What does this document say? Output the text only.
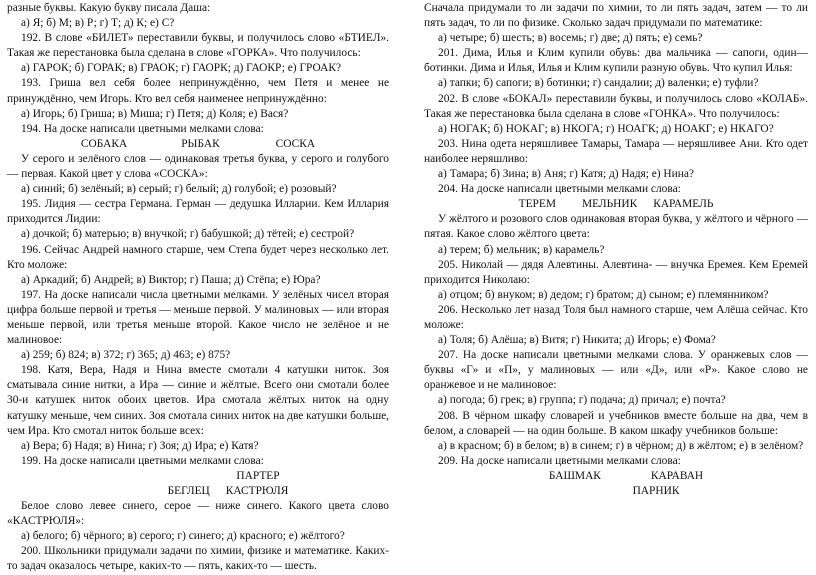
разные буквы. Какую букву писала Даша:

а) Я; б) М; в) Р; г) Т; д) К; е) С?

192. В слове «БИЛЕТ» переставили буквы, и получилось слово «БТИЕЛ». Такая же перестановка была сделана в слове «ГОРКА». Что получилось:

а) ГАРОК; б) ГОРАК; в) ГРАОК; г) ГАОРК; д) ГАОКР; е) ГРОАК?

193. Гриша вел себя более непринуждённо, чем Петя и менее не принуждённо, чем Игорь. Кто вел себя наименее непринуждённо:

а) Игорь; б) Гриша; в) Миша; г) Петя; д) Коля; е) Вася?

194. На доске написали цветными мелками слова:

СОБАКА	РЫБАК	СОСКА

У серого и зелёного слов — одинаковая третья буква, у серого и голубого — первая. Какой цвет у слова «СОСКА»:

а) синий; б) зелёный; в) серый; г) белый; д) голубой; е) розовый?

195. Лидия — сестра Германа. Герман — дедушка Илларии. Кем Иллария приходится Лидии:

а) дочкой; б) матерью; в) внучкой; г) бабушкой; д) тётей; е) сестрой?

196. Сейчас Андрей намного старше, чем Степа будет через несколько лет. Кто моложе:

а) Аркадий; б) Андрей; в) Виктор; г) Паша; д) Стёпа; е) Юра?

197. На доске написали числа цветными мелками. У зелёных чисел вторая цифра больше первой и третья — меньше первой. У малиновых — или вторая меньше первой, или третья меньше второй. Какое число не зелёное и не малиновое:

а) 259; б) 824; в) 372; г) 365; д) 463; е) 875?

198. Катя, Вера, Надя и Нина вместе смотали 4 катушки ниток. Зоя сматывала синие нитки, а Ира — синие и жёлтые. Всего они смотали более 30-и катушек ниток обоих цветов. Ира смотала жёлтых ниток на одну катушку меньше, чем синих. Зоя смотала синих ниток на две катушки больше, чем Ира. Кто смотал ниток больше всех:

а) Вера; б) Надя; в) Нина; г) Зоя; д) Ира; е) Катя?

199. На доске написали цветными мелками слова:

ПАРТЕР

БЕГЛЕЦ КАСТРЮЛЯ

Белое слово левее синего, серое — ниже синего. Какого цвета слово «КАСТРЮЛЯ»:

а) белого; б) чёрного; в) серого; г) синего; д) красного; е) жёлтого?

200. Школьники придумали задачи по химии, физике и математике. Каких-то задач оказалось четыре, каких-то — пять, каких-то — шесть.

Сначала придумали то ли задачи по химии, то ли пять задач, затем — то ли пять задач, то ли по физике. Сколько задач придумали по математике:

а) четыре; б) шесть; в) восемь; г) две; д) пять; е) семь?

201. Дима, Илья и Клим купили обувь: два мальчика — сапоги, один— ботинки. Дима и Илья, Илья и Клим купили разную обувь. Что купил Илья:

а) тапки; б) сапоги; в) ботинки; г) сандалии; д) валенки; е) туфли?

202. В слове «БОКАЛ» переставили буквы, и получилось слово «КОЛАБ». Такая же перестановка была сделана в слове «ГОНКА». Что получилось:

а) НОГАК; б) НОКАГ; в) НКОГА; г) НОАГК; д) НОАКГ; е) НКАГО?

203. Нина одета неряшливее Тамары, Тамара — неряшливее Ани. Кто одет наиболее неряшливо:

а) Тамара; б) Зина; в) Аня; г) Катя; д) Надя; е) Нина?

204. На доске написали цветными мелками слова:

ТЕРЕМ МЕЛЬНИК КАРАМЕЛЬ

У жёлтого и розового слов одинаковая вторая буква, у жёлтого и чёрного — пятая. Какое слово жёлтого цвета:

а) терем; б) мельник; в) карамель?

205. Николай — дядя Алевтины. Алевтина- — внучка Еремея. Кем Еремей приходится Николаю:

а) отцом; б) внуком; в) дедом; г) братом; д) сыном; е) племянником?

206. Несколько лет назад Толя был намного старше, чем Алёша сейчас. Кто моложе:

а) Толя; б) Алёша; в) Витя; г) Никита; д) Игорь; е) Фома?

207. На доске написали цветными мелками слова. У оранжевых слов — буквы «Г» и «П», у малиновых — или «Д», или «Р». Какое слово не оранжевое и не малиновое:

а) погода; б) грек; в) группа; г) подача; д) причал; е) почта?

208. В чёрном шкафу словарей и учебников вместе больше на два, чем в белом, а словарей — на один больше. В каком шкафу учебников больше:

а) в красном; б) в белом; в) в синем; г) в чёрном; д) в жёлтом; е) в зелёном?

209. На доске написали цветными мелками слова:

БАШМАК	КАРАВАН

ПАРНИК
